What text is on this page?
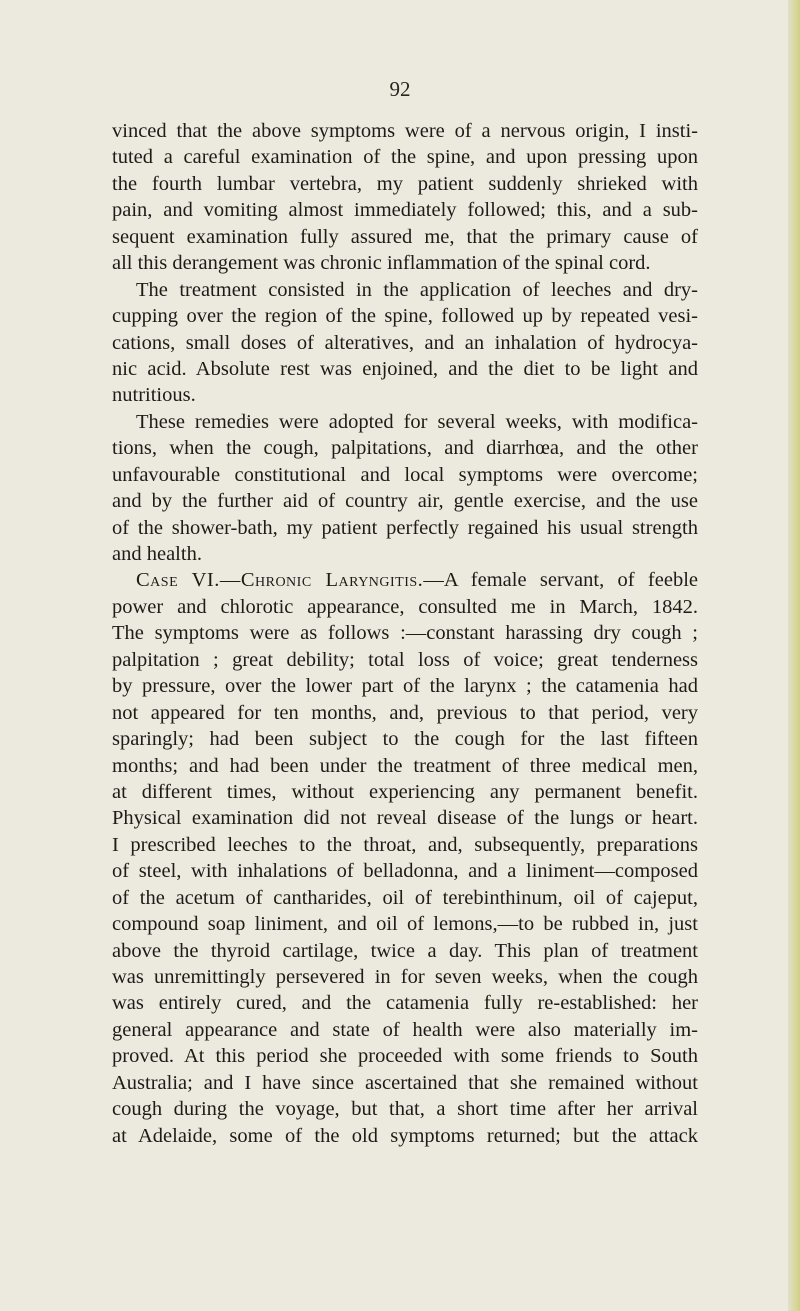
92
vinced that the above symptoms were of a nervous origin, I insti-
tuted a careful examination of the spine, and upon pressing upon
the fourth lumbar vertebra, my patient suddenly shrieked with
pain, and vomiting almost immediately followed; this, and a sub-
sequent examination fully assured me, that the primary cause of
all this derangement was chronic inflammation of the spinal cord.
The treatment consisted in the application of leeches and dry-
cupping over the region of the spine, followed up by repeated vesi-
cations, small doses of alteratives, and an inhalation of hydrocya-
nic acid. Absolute rest was enjoined, and the diet to be light and
nutritious.
These remedies were adopted for several weeks, with modifica-
tions, when the cough, palpitations, and diarrhœa, and the other
unfavourable constitutional and local symptoms were overcome;
and by the further aid of country air, gentle exercise, and the use
of the shower-bath, my patient perfectly regained his usual strength
and health.
Case VI.—Chronic Laryngitis.—A female servant, of feeble
power and chlorotic appearance, consulted me in March, 1842.
The symptoms were as follows :—constant harassing dry cough ;
palpitation ; great debility; total loss of voice; great tenderness
by pressure, over the lower part of the larynx ; the catamenia had
not appeared for ten months, and, previous to that period, very
sparingly; had been subject to the cough for the last fifteen
months; and had been under the treatment of three medical men,
at different times, without experiencing any permanent benefit.
Physical examination did not reveal disease of the lungs or heart.
I prescribed leeches to the throat, and, subsequently, preparations
of steel, with inhalations of belladonna, and a liniment—composed
of the acetum of cantharides, oil of terebinthinum, oil of cajeput,
compound soap liniment, and oil of lemons,—to be rubbed in, just
above the thyroid cartilage, twice a day. This plan of treatment
was unremittingly persevered in for seven weeks, when the cough
was entirely cured, and the catamenia fully re-established: her
general appearance and state of health were also materially im-
proved. At this period she proceeded with some friends to South
Australia; and I have since ascertained that she remained without
cough during the voyage, but that, a short time after her arrival
at Adelaide, some of the old symptoms returned; but the attack
